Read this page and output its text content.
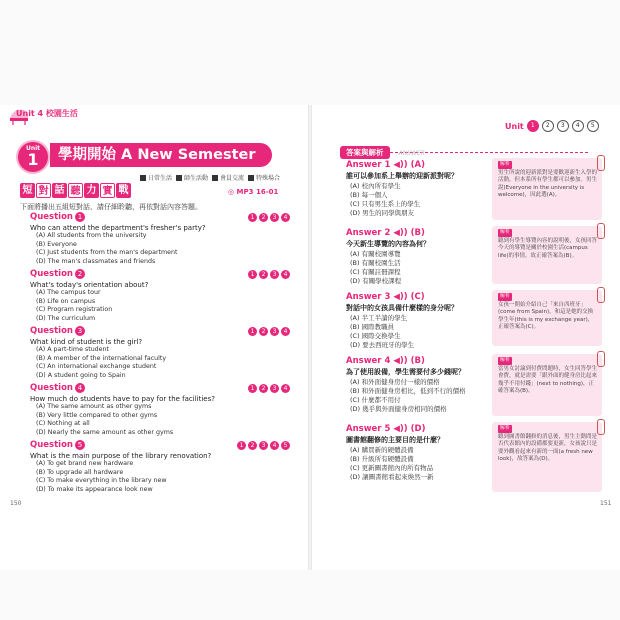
Unit 4 校園生活
Unit
1	學期開始 A New Semester
日常生活 師生活動 會員交流 特殊場合
短 對 話 聽 力 實 戰	◎ MP3 16-01
下面將播出五組短對話，請仔細聆聽，再依對話內容答題。
Question 1	1	2	3	4
Who can attend the department's fresher's party?
(A) All students from the university
(B) Everyone
(C) Just students from the man's department
(D) The man's classmates and friends
Question 2	1	2	3	4
What's today's orientation about?
(A) The campus tour
(B) Life on campus
(C) Program registration
(D) The curriculum
Question 3	1	2	3	4
What kind of student is the girl?
(A) A part-time student
(B) A member of the international faculty
(C) An international exchange student
(D) A student going to Spain
Question 4	1	2	3	4
How much do students have to pay for the facilities?
(A) The same amount as other gyms
(B) Very little compared to other gyms
(C) Nothing at all
(D) Nearly the same amount as other gyms
Question 5	1	2	3	4	5
What is the main purpose of the library renovation?
(A) To get brand new hardware
(B) To upgrade all hardware
(C) To make everything in the library new
(D) To make its appearance look new
150
Unit	1	2	3	4	5
答案與解析	ANSWER
Answer 1 ◀)) (A)
誰可以參加系上舉辦的迎新派對呢？
(A) 校內所有學生
(B) 每一個人
(C) 只有男生系上的學生
(D) 男生的同學與朋友
解析
男生所說的迎新派對是要歡迎新生入學的活動，但本系所有學生都可以參加。男生說(Everyone in the university is welcome)，因此選(A)。
Answer 2 ◀)) (B)
今天新生導覽的內容為何？
(A) 有關校園導覽
(B) 有關校園生活
(C) 有關註冊課程
(D) 有關學校課程
解析
聽到有學生導覽內容的說明後，女孩回答今天的導覽是關於校園生活(campus life)的事情，故正確答案為(B)。
Answer 3 ◀)) (C)
對話中的女孩具備什麼樣的身分呢？
(A) 半工半讀的學生
(B) 國際教職員
(C) 國際交換學生
(D) 要去西班牙的學生
解析
女孩一開始介紹自己「來自西班牙」(come from Spain)，和這是她的交換學生年(this is my exchange year)，正確答案為(C)。
Answer 4 ◀)) (B)
為了使用設備，學生需要付多少錢呢？
(A) 和外面健身房付一樣的價格
(B) 和外面健身房相比，低到不行的價格
(C) 什麼都不用付
(D) 幾乎與外面健身房相同的價格
解析
當男女討論到付費問題時，女生回答學生會費，就是需要「跟外面的健身房比起來幾乎不用付錢」(next to nothing)，正確答案為(B)。
Answer 5 ◀)) (D)
圖書館翻修的主要目的是什麼？
(A) 購買新的硬體設備
(B) 升級所有硬體設備
(C) 更新圖書館內的所有物品
(D) 讓圖書館看起來煥然一新
解析
聽到圖書館翻修的消息後，男生主動問是否代表館內的設備都要更新，女孩說只是要外觀看起來有新的一面(a fresh new look)，故答案為(D)。
151
